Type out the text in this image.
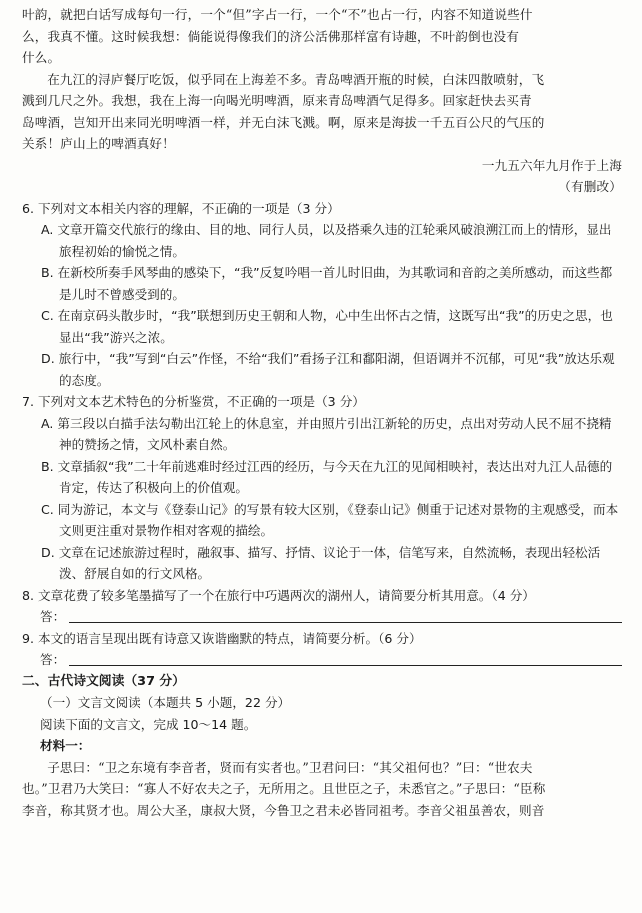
叶韵，就把白话写成每句一行，一个“但”字占一行，一个“不”也占一行，内容不知道说些什

么，我真不懂。这时候我想：倘能说得像我们的济公活佛那样富有诗趣，不叶韵倒也没有

什么。

在九江的浔庐餐厅吃饭，似乎同在上海差不多。青岛啤酒开瓶的时候，白沫四散喷射，飞

溅到几尺之外。我想，我在上海一向喝光明啤酒，原来青岛啤酒气足得多。回家赶快去买青

岛啤酒，岂知开出来同光明啤酒一样，并无白沫飞溅。啊，原来是海拔一千五百公尺的气压的

关系！庐山上的啤酒真好！

一九五六年九月作于上海

（有删改）

6. 下列对文本相关内容的理解，不正确的一项是（3 分）

A. 文章开篇交代旅行的缘由、目的地、同行人员，以及搭乘久违的江轮乘风破浪溯江而上的情形，显出旅程初始的愉悦之情。

B. 在新校所奏手风琴曲的感染下，“我”反复吟唱一首儿时旧曲，为其歌词和音韵之美所感动，而这些都是儿时不曾感受到的。

C. 在南京码头散步时，“我”联想到历史王朝和人物，心中生出怀古之情，这既写出“我”的历史之思，也显出“我”游兴之浓。

D. 旅行中，“我”写到“白云”作怪，不给“我们”看扬子江和鄱阳湖，但语调并不沉郁，可见“我”放达乐观的态度。

7. 下列对文本艺术特色的分析鉴赏，不正确的一项是（3 分）

A. 第三段以白描手法勾勒出江轮上的休息室，并由照片引出江新轮的历史，点出对劳动人民不屈不挠精神的赞扬之情，文风朴素自然。

B. 文章插叙“我”二十年前逃难时经过江西的经历，与今天在九江的见闻相映衬，表达出对九江人品德的肯定，传达了积极向上的价值观。

C. 同为游记，本文与《登泰山记》的写景有较大区别，《登泰山记》侧重于记述对景物的主观感受，而本文则更注重对景物作相对客观的描绘。

D. 文章在记述旅游过程时，融叙事、描写、抒情、议论于一体，信笔写来，自然流畅，表现出轻松活泼、舒展自如的行文风格。

8. 文章花费了较多笔墨描写了一个在旅行中巧遇两次的湖州人，请简要分析其用意。（4 分）

答：

9. 本文的语言呈现出既有诗意又诙谐幽默的特点，请简要分析。（6 分）

答：

二、古代诗文阅读（37 分）

（一）文言文阅读（本题共 5 小题，22 分）

阅读下面的文言文，完成 10～14 题。

材料一：

子思曰：“卫之东境有李音者，贤而有实者也。”卫君问曰：“其父祖何也？”曰：“世农夫

也。”卫君乃大笑曰：“寡人不好农夫之子，无所用之。且世臣之子，未悉官之。”子思曰：“臣称

李音，称其贤才也。周公大圣，康叔大贤，今鲁卫之君未必皆同祖考。李音父祖虽善农，则音
